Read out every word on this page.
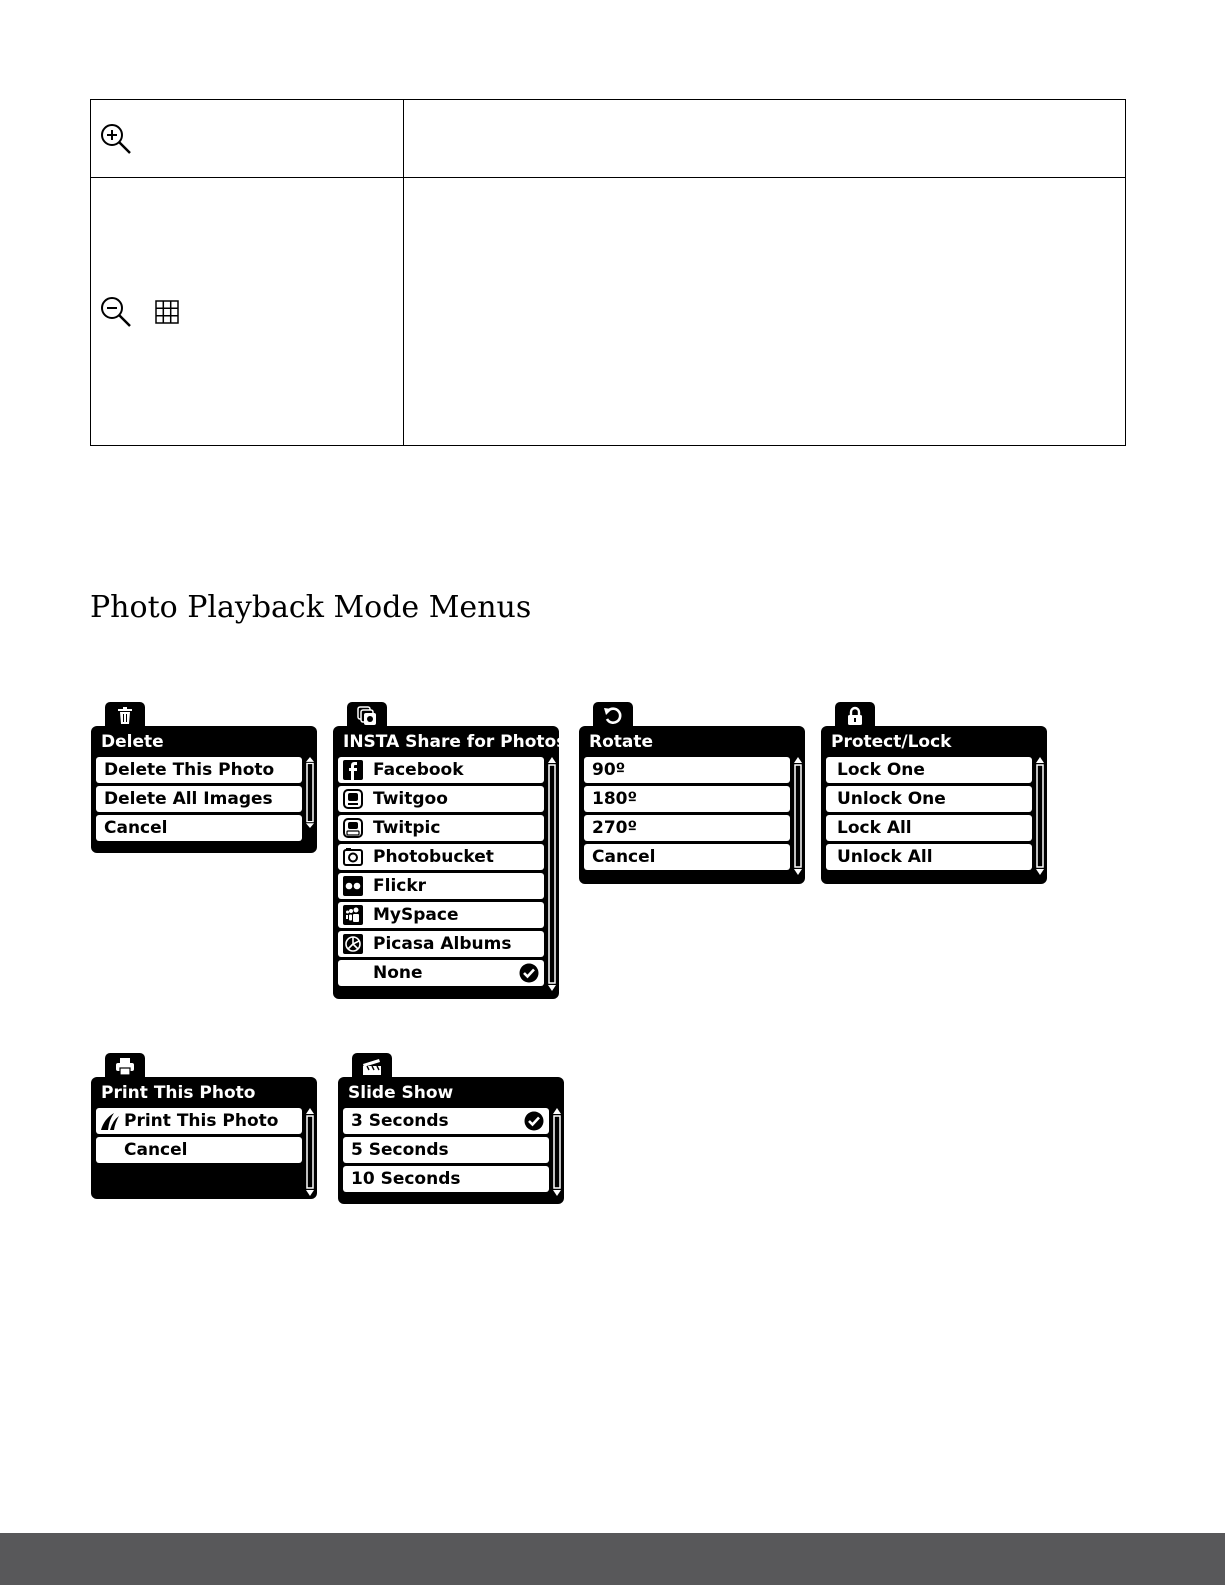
Photo Playback Mode Menus
Delete
Delete This Photo
Delete All Images
Cancel
INSTA Share for Photos
Facebook
Twitgoo
Twitpic
Photobucket
Flickr
MySpace
Picasa Albums
None
Rotate
90º
180º
270º
Cancel
Protect/Lock
Lock One
Unlock One
Lock All
Unlock All
Print This Photo
Print This Photo
Cancel
Slide Show
3 Seconds
5 Seconds
10 Seconds
